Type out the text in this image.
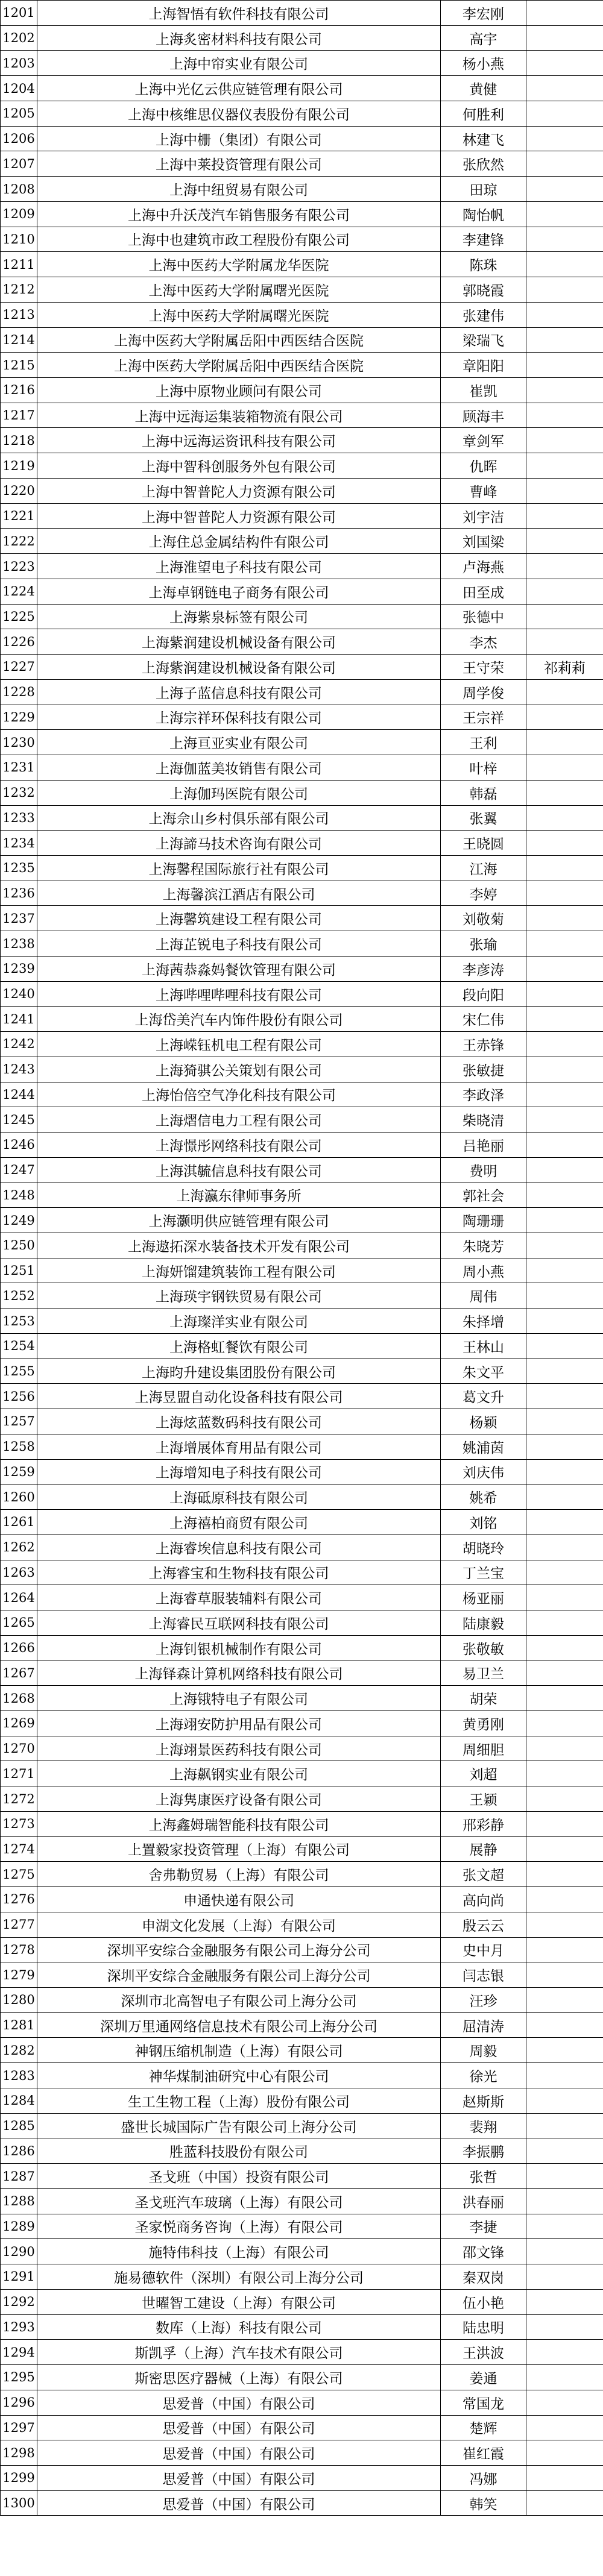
1201	上海智悟有软件科技有限公司	李宏刚	
1202	上海炙密材料科技有限公司	高宇	
1203	上海中帘实业有限公司	杨小燕	
1204	上海中光亿云供应链管理有限公司	黄健	
1205	上海中核维思仪器仪表股份有限公司	何胜利	
1206	上海中栅（集团）有限公司	林建飞	
1207	上海中莱投资管理有限公司	张欣然	
1208	上海中纽贸易有限公司	田琼	
1209	上海中升沃茂汽车销售服务有限公司	陶怡帆	
1210	上海中也建筑市政工程股份有限公司	李建锋	
1211	上海中医药大学附属龙华医院	陈珠	
1212	上海中医药大学附属曙光医院	郭晓霞	
1213	上海中医药大学附属曙光医院	张建伟	
1214	上海中医药大学附属岳阳中西医结合医院	梁瑞飞	
1215	上海中医药大学附属岳阳中西医结合医院	章阳阳	
1216	上海中原物业顾问有限公司	崔凯	
1217	上海中远海运集装箱物流有限公司	顾海丰	
1218	上海中远海运资讯科技有限公司	章剑军	
1219	上海中智科创服务外包有限公司	仇晖	
1220	上海中智普陀人力资源有限公司	曹峰	
1221	上海中智普陀人力资源有限公司	刘宇洁	
1222	上海住总金属结构件有限公司	刘国梁	
1223	上海淮望电子科技有限公司	卢海燕	
1224	上海卓钢链电子商务有限公司	田至成	
1225	上海紫泉标签有限公司	张德中	
1226	上海紫润建设机械设备有限公司	李杰	
1227	上海紫润建设机械设备有限公司	王守荣	祁莉莉
1228	上海子蓝信息科技有限公司	周学俊	
1229	上海宗祥环保科技有限公司	王宗祥	
1230	上海亘亚实业有限公司	王利	
1231	上海伽蓝美妆销售有限公司	叶梓	
1232	上海伽玛医院有限公司	韩磊	
1233	上海佘山乡村俱乐部有限公司	张翼	
1234	上海諦马技术咨询有限公司	王晓圆	
1235	上海馨程国际旅行社有限公司	江海	
1236	上海馨滨江酒店有限公司	李婷	
1237	上海馨筑建设工程有限公司	刘敬菊	
1238	上海芷锐电子科技有限公司	张瑜	
1239	上海茜恭淼妈餐饮管理有限公司	李彦涛	
1240	上海哔哩哔哩科技有限公司	段向阳	
1241	上海岱美汽车内饰件股份有限公司	宋仁伟	
1242	上海嵘钰机电工程有限公司	王赤锋	
1243	上海猗骐公关策划有限公司	张敏捷	
1244	上海怡倍空气净化科技有限公司	李政泽	
1245	上海熠信电力工程有限公司	柴晓清	
1246	上海憬彤网络科技有限公司	吕艳丽	
1247	上海淇毓信息科技有限公司	费明	
1248	上海瀛东律师事务所	郭社会	
1249	上海灏明供应链管理有限公司	陶珊珊	
1250	上海遨拓深水装备技术开发有限公司	朱晓芳	
1251	上海妍馏建筑装饰工程有限公司	周小燕	
1252	上海瑛宇钢铁贸易有限公司	周伟	
1253	上海璨洋实业有限公司	朱择增	
1254	上海格虹餐饮有限公司	王林山	
1255	上海昀升建设集团股份有限公司	朱文平	
1256	上海昱盟自动化设备科技有限公司	葛文升	
1257	上海炫蓝数码科技有限公司	杨颖	
1258	上海增展体育用品有限公司	姚浦茵	
1259	上海增知电子科技有限公司	刘庆伟	
1260	上海砥原科技有限公司	姚希	
1261	上海禧柏商贸有限公司	刘铭	
1262	上海睿埃信息科技有限公司	胡晓玲	
1263	上海睿宝和生物科技有限公司	丁兰宝	
1264	上海睿草服装辅料有限公司	杨亚丽	
1265	上海睿民互联网科技有限公司	陆康毅	
1266	上海钊银机械制作有限公司	张敬敏	
1267	上海铎森计算机网络科技有限公司	易卫兰	
1268	上海锇特电子有限公司	胡荣	
1269	上海翊安防护用品有限公司	黄勇刚	
1270	上海翊景医药科技有限公司	周细胆	
1271	上海飙钢实业有限公司	刘超	
1272	上海隽康医疗设备有限公司	王颖	
1273	上海鑫姆瑞智能科技有限公司	邢彩静	
1274	上置毅家投资管理（上海）有限公司	展静	
1275	舍弗勒贸易（上海）有限公司	张文超	
1276	申通快递有限公司	高向尚	
1277	申湖文化发展（上海）有限公司	殷云云	
1278	深圳平安综合金融服务有限公司上海分公司	史中月	
1279	深圳平安综合金融服务有限公司上海分公司	闫志银	
1280	深圳市北高智电子有限公司上海分公司	汪珍	
1281	深圳万里通网络信息技术有限公司上海分公司	屈清涛	
1282	神钢压缩机制造（上海）有限公司	周毅	
1283	神华煤制油研究中心有限公司	徐光	
1284	生工生物工程（上海）股份有限公司	赵斯斯	
1285	盛世长城国际广告有限公司上海分公司	裴翔	
1286	胜蓝科技股份有限公司	李振鹏	
1287	圣戈班（中国）投资有限公司	张哲	
1288	圣戈班汽车玻璃（上海）有限公司	洪春丽	
1289	圣家悦商务咨询（上海）有限公司	李捷	
1290	施特伟科技（上海）有限公司	邵文锋	
1291	施易德软件（深圳）有限公司上海分公司	秦双岗	
1292	世曜智工建设（上海）有限公司	伍小艳	
1293	数库（上海）科技有限公司	陆忠明	
1294	斯凯孚（上海）汽车技术有限公司	王洪波	
1295	斯密思医疗器械（上海）有限公司	姜通	
1296	思爱普（中国）有限公司	常国龙	
1297	思爱普（中国）有限公司	楚辉	
1298	思爱普（中国）有限公司	崔红霞	
1299	思爱普（中国）有限公司	冯娜	
1300	思爱普（中国）有限公司	韩笑	
